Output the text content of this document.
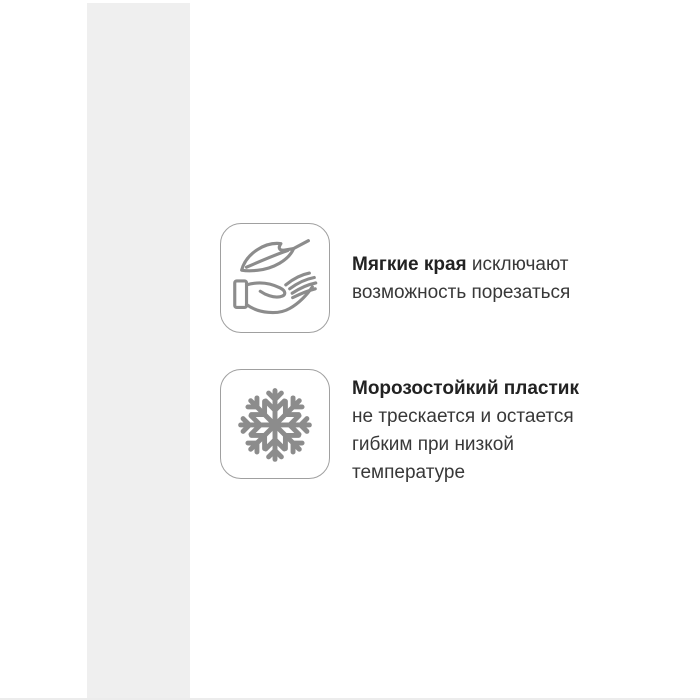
Мягкие края исключают
возможность порезаться
Морозостойкий пластик
не трескается и остается
гибким при низкой
температуре
